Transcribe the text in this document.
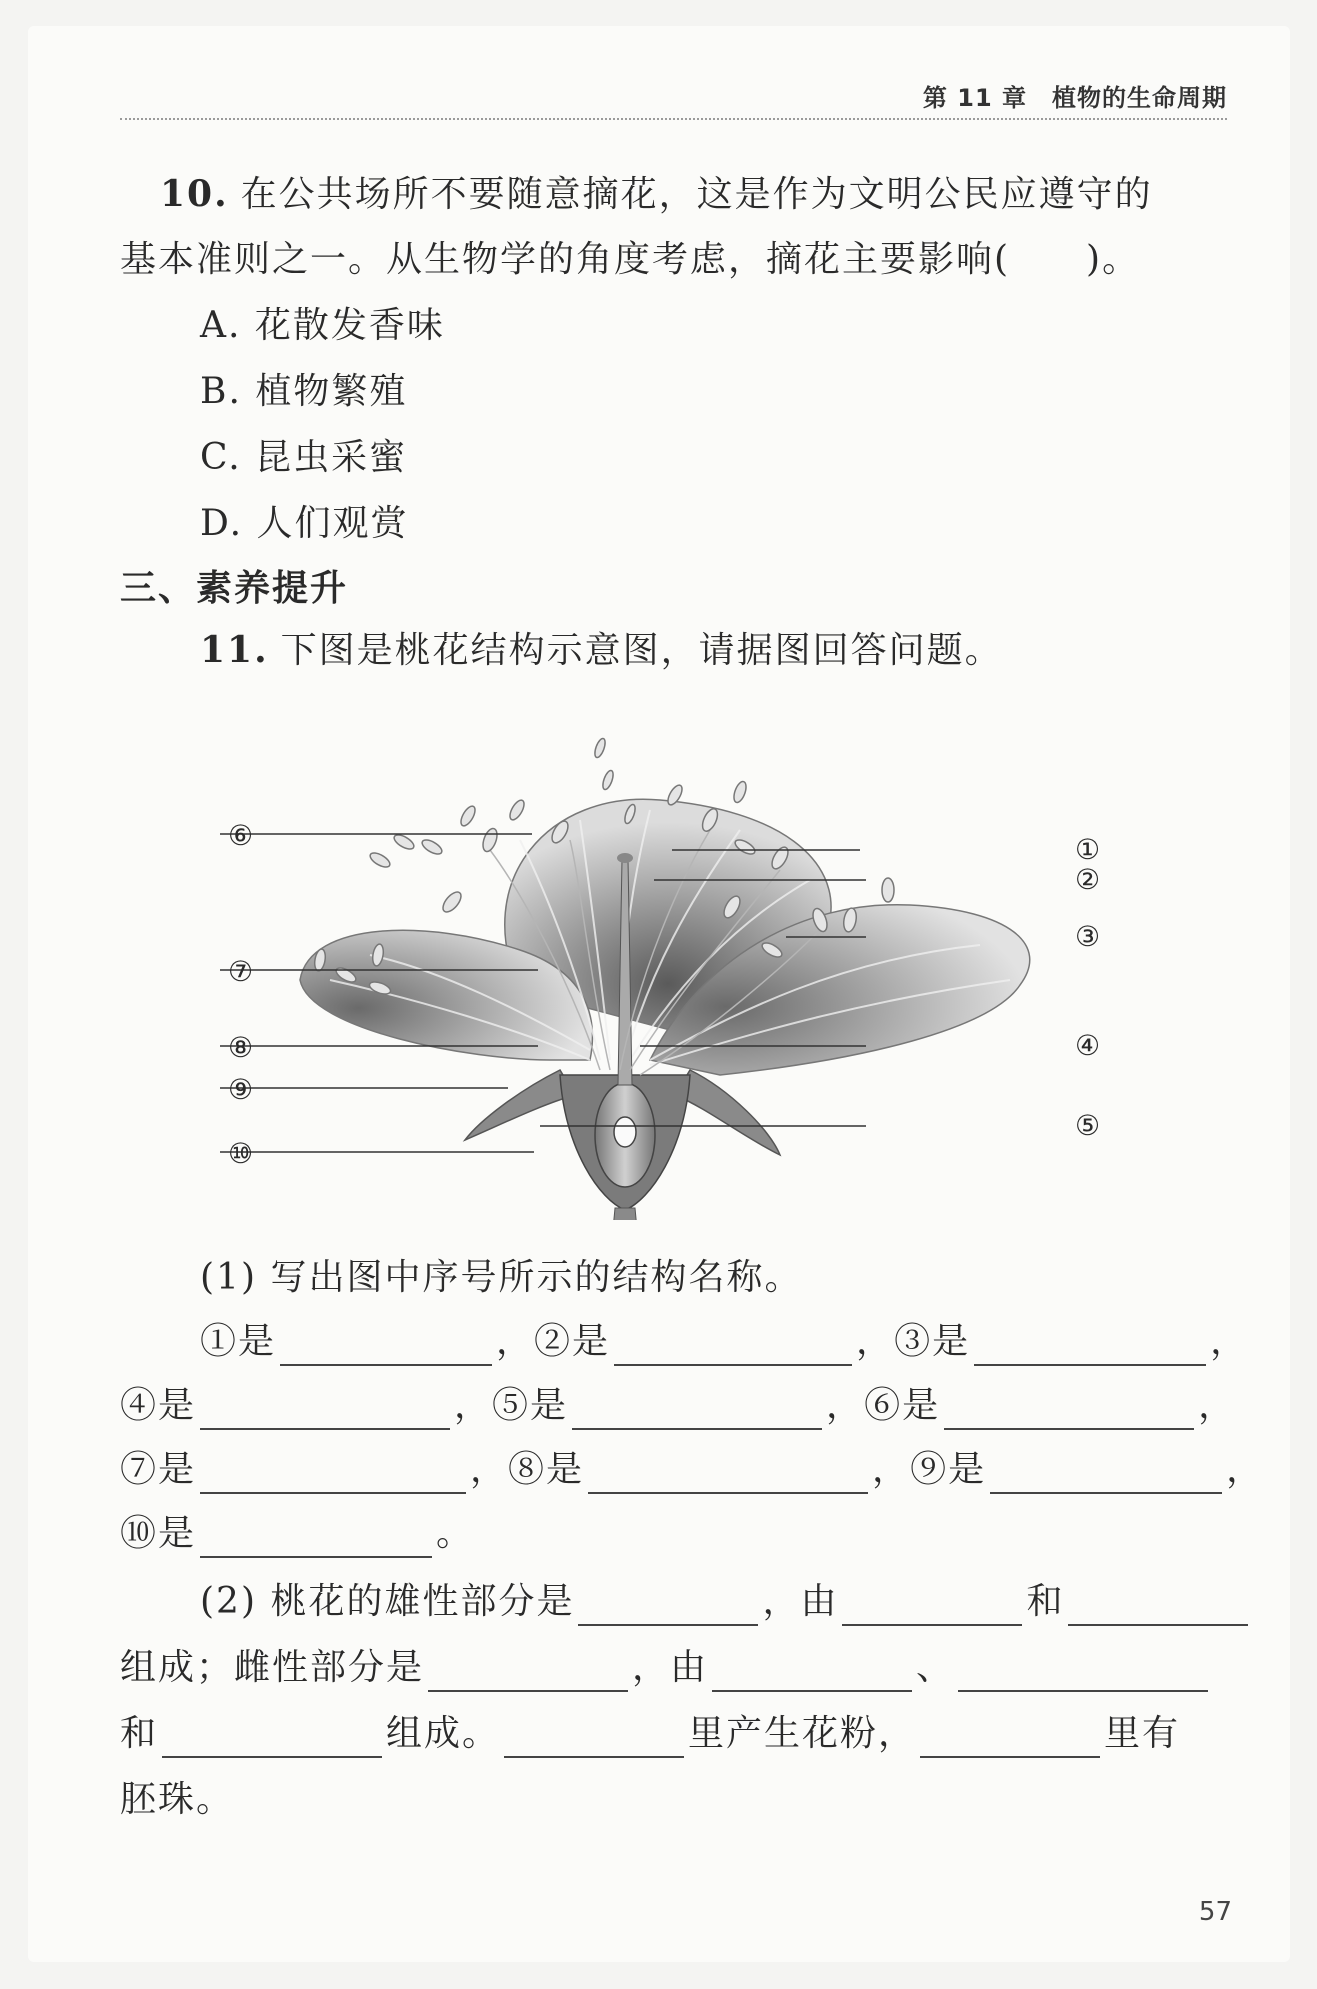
第 11 章　植物的生命周期
10. 在公共场所不要随意摘花，这是作为文明公民应遵守的
基本准则之一。从生物学的角度考虑，摘花主要影响(　　)。
A. 花散发香味
B. 植物繁殖
C. 昆虫采蜜
D. 人们观赏
三、素养提升
11. 下图是桃花结构示意图，请据图回答问题。
⑥
⑦
⑧
⑨
⑩
①
②
③
④
⑤
(1) 写出图中序号所示的结构名称。
①是	，②是	，③是	，
④是	，⑤是	，⑥是	，
⑦是	，⑧是	，⑨是	，
⑩是	。
(2) 桃花的雄性部分是	，由	和
组成；雌性部分是	，由	、
和	组成。	里产生花粉，	里有
胚珠。
57
